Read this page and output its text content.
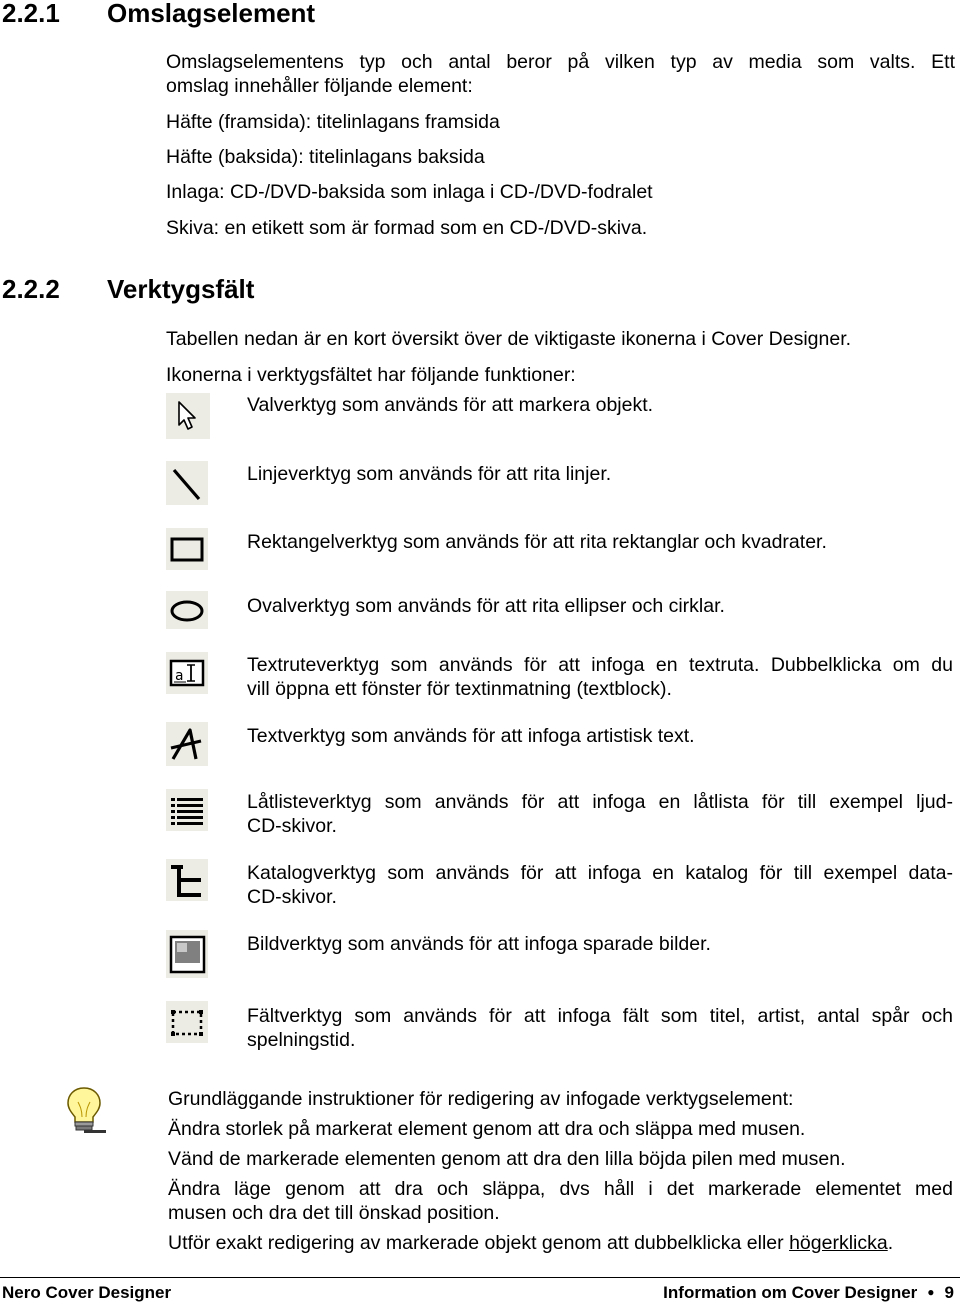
2.2.1 Omslagselement
Omslagselementens typ och antal beror på vilken typ av media som valts. Ett
omslag innehåller följande element:
Häfte (framsida): titelinlagans framsida
Häfte (baksida): titelinlagans baksida
Inlaga: CD-/DVD-baksida som inlaga i CD-/DVD-fodralet
Skiva: en etikett som är formad som en CD-/DVD-skiva.
2.2.2 Verktygsfält
Tabellen nedan är en kort översikt över de viktigaste ikonerna i Cover Designer.
Ikonerna i verktygsfältet har följande funktioner:
Valverktyg som används för att markera objekt.
Linjeverktyg som används för att rita linjer.
Rektangelverktyg som används för att rita rektanglar och kvadrater.
Ovalverktyg som används för att rita ellipser och cirklar.
a	Textruteverktyg som används för att infoga en textruta. Dubbelklicka om du
vill öppna ett fönster för textinmatning (textblock).
Textverktyg som används för att infoga artistisk text.
Låtlisteverktyg som används för att infoga en låtlista för till exempel ljud-
CD-skivor.
Katalogverktyg som används för att infoga en katalog för till exempel data-
CD-skivor.
Bildverktyg som används för att infoga sparade bilder.
Fältverktyg som används för att infoga fält som titel, artist, antal spår och
spelningstid.
Grundläggande instruktioner för redigering av infogade verktygselement:
Ändra storlek på markerat element genom att dra och släppa med musen.
Vänd de markerade elementen genom att dra den lilla böjda pilen med musen.
Ändra läge genom att dra och släppa, dvs håll i det markerade elementet med
musen och dra det till önskad position.
Utför exakt redigering av markerade objekt genom att dubbelklicka eller högerklicka.
Nero Cover Designer	Information om Cover Designer ● 9
